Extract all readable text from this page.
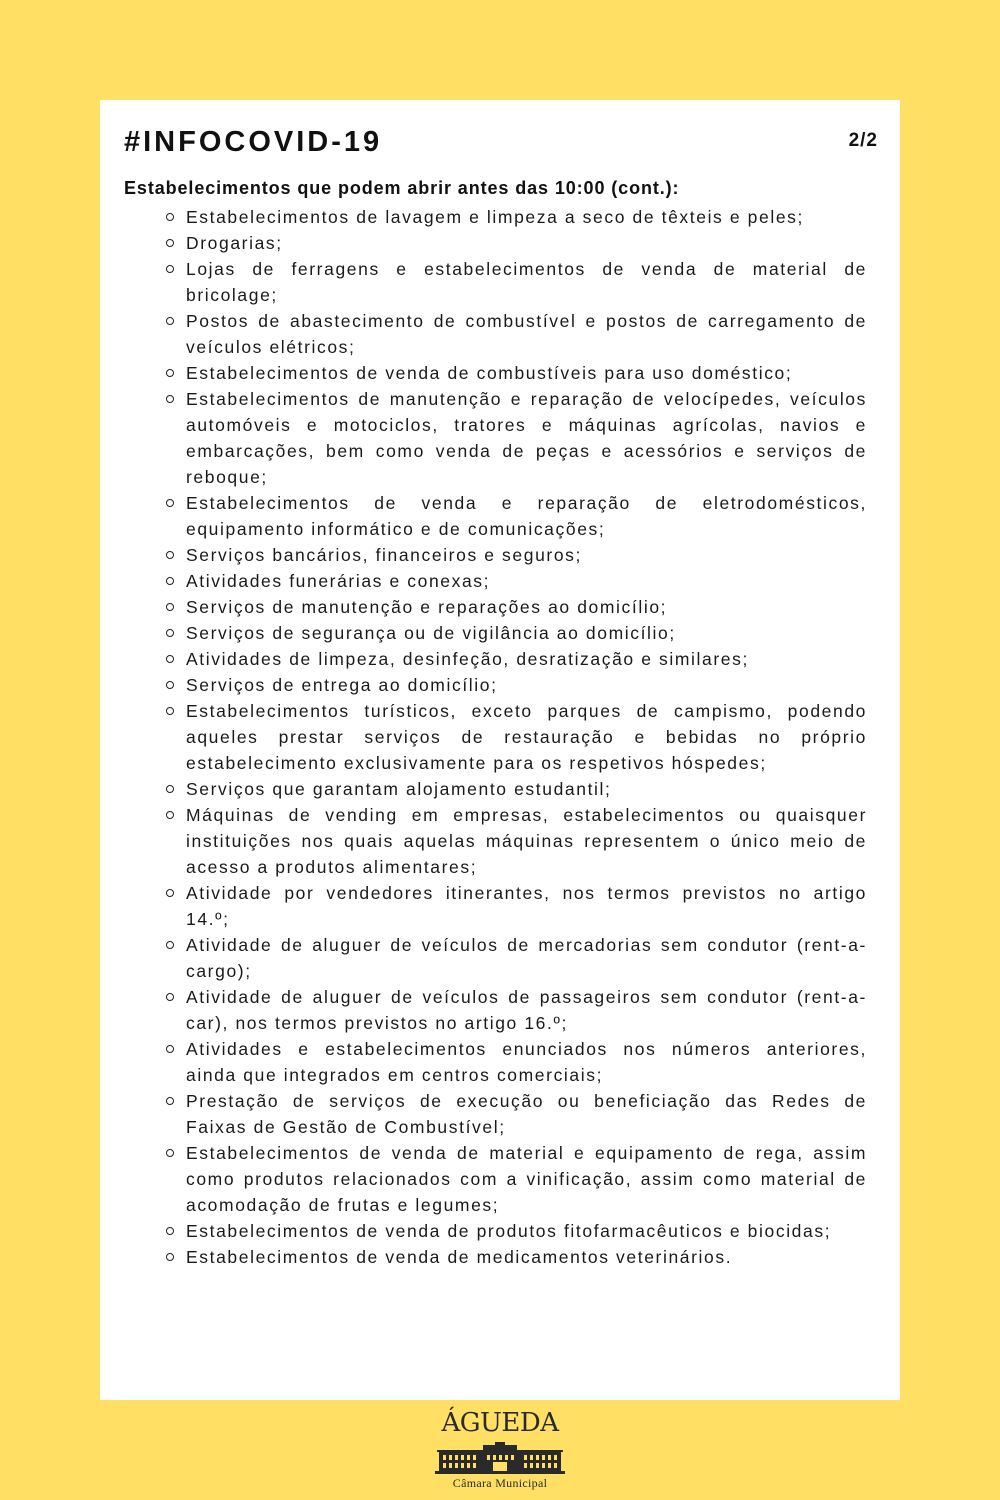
#INFOCOVID-19	2/2
Estabelecimentos que podem abrir antes das 10:00 (cont.):
Estabelecimentos de lavagem e limpeza a seco de têxteis e peles;
Drogarias;
Lojas de ferragens e estabelecimentos de venda de material de bricolage;
Postos de abastecimento de combustível e postos de carregamento de veículos elétricos;
Estabelecimentos de venda de combustíveis para uso doméstico;
Estabelecimentos de manutenção e reparação de velocípedes, veículos automóveis e motociclos, tratores e máquinas agrícolas, navios e embarcações, bem como venda de peças e acessórios e serviços de reboque;
Estabelecimentos de venda e reparação de eletrodomésticos, equipamento informático e de comunicações;
Serviços bancários, financeiros e seguros;
Atividades funerárias e conexas;
Serviços de manutenção e reparações ao domicílio;
Serviços de segurança ou de vigilância ao domicílio;
Atividades de limpeza, desinfeção, desratização e similares;
Serviços de entrega ao domicílio;
Estabelecimentos turísticos, exceto parques de campismo, podendo aqueles prestar serviços de restauração e bebidas no próprio estabelecimento exclusivamente para os respetivos hóspedes;
Serviços que garantam alojamento estudantil;
Máquinas de vending em empresas, estabelecimentos ou quaisquer instituições nos quais aquelas máquinas representem o único meio de acesso a produtos alimentares;
Atividade por vendedores itinerantes, nos termos previstos no artigo 14.º;
Atividade de aluguer de veículos de mercadorias sem condutor (rent-a-cargo);
Atividade de aluguer de veículos de passageiros sem condutor (rent-a-car), nos termos previstos no artigo 16.º;
Atividades e estabelecimentos enunciados nos números anteriores, ainda que integrados em centros comerciais;
Prestação de serviços de execução ou beneficiação das Redes de Faixas de Gestão de Combustível;
Estabelecimentos de venda de material e equipamento de rega, assim como produtos relacionados com a vinificação, assim como material de acomodação de frutas e legumes;
Estabelecimentos de venda de produtos fitofarmacêuticos e biocidas;
Estabelecimentos de venda de medicamentos veterinários.
ÁGUEDA
Câmara Municipal
